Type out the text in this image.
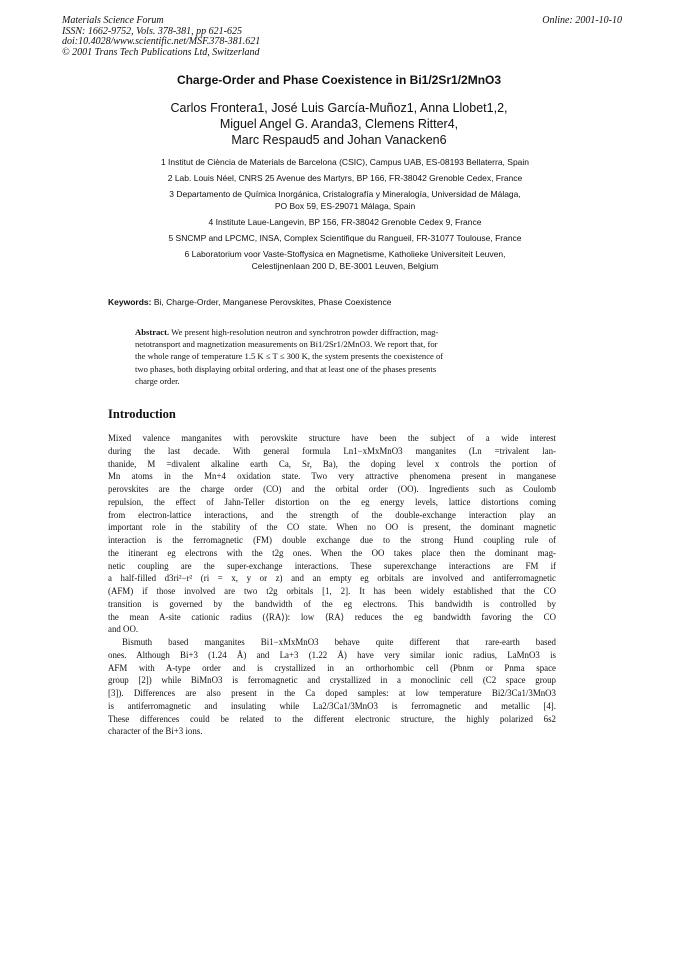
Materials Science Forum
ISSN: 1662-9752, Vols. 378-381, pp 621-625
doi:10.4028/www.scientific.net/MSF.378-381.621
© 2001 Trans Tech Publications Ltd, Switzerland
Online: 2001-10-10
Charge-Order and Phase Coexistence in Bi1/2Sr1/2MnO3
Carlos Frontera1, José Luis García-Muñoz1, Anna Llobet1,2,
Miguel Angel G. Aranda3, Clemens Ritter4,
Marc Respaud5 and Johan Vanacken6
1 Institut de Ciència de Materials de Barcelona (CSIC), Campus UAB, ES-08193 Bellaterra, Spain
2 Lab. Louis Néel, CNRS 25 Avenue des Martyrs, BP 166, FR-38042 Grenoble Cedex, France
3 Departamento de Química Inorgánica, Cristalografía y Mineralogía, Universidad de Málaga,
PO Box 59, ES-29071 Málaga, Spain
4 Institute Laue-Langevin, BP 156, FR-38042 Grenoble Cedex 9, France
5 SNCMP and LPCMC, INSA, Complex Scientifique du Rangueil, FR-31077 Toulouse, France
6 Laboratorium voor Vaste-Stoffysica en Magnetisme, Katholieke Universiteit Leuven,
Celestijnenlaan 200 D, BE-3001 Leuven, Belgium
Keywords: Bi, Charge-Order, Manganese Perovskites, Phase Coexistence
Abstract. We present high-resolution neutron and synchrotron powder diffraction, mag-
netotransport and magnetization measurements on Bi1/2Sr1/2MnO3. We report that, for
the whole range of temperature 1.5 K ≤ T ≤ 300 K, the system presents the coexistence of
two phases, both displaying orbital ordering, and that at least one of the phases presents
charge order.
Introduction
Mixed valence manganites with perovskite structure have been the subject of a wide interest
during the last decade. With general formula Ln1−xMxMnO3 manganites (Ln =trivalent lan-
thanide, M =divalent alkaline earth Ca, Sr, Ba), the doping level x controls the portion of
Mn atoms in the Mn+4 oxidation state. Two very attractive phenomena present in manganese
perovskites are the charge order (CO) and the orbital order (OO). Ingredients such as Coulomb
repulsion, the effect of Jahn-Teller distortion on the eg energy levels, lattice distortions coming
from electron-lattice interactions, and the strength of the double-exchange interaction play an
important role in the stability of the CO state. When no OO is present, the dominant magnetic
interaction is the ferromagnetic (FM) double exchange due to the strong Hund coupling rule of
the itinerant eg electrons with the t2g ones. When the OO takes place then the dominant mag-
netic coupling are the super-exchange interactions. These superexchange interactions are FM if
a half-filled d3ri²−r² (ri = x, y or z) and an empty eg orbitals are involved and antiferromagnetic
(AFM) if those involved are two t2g orbitals [1, 2]. It has been widely established that the CO
transition is governed by the bandwidth of the eg electrons. This bandwidth is controlled by
the mean A-site cationic radius (⟨RA⟩): low ⟨RA⟩ reduces the eg bandwidth favoring the CO
and OO.
Bismuth based manganites Bi1−xMxMnO3 behave quite different that rare-earth based
ones. Although Bi+3 (1.24 Å) and La+3 (1.22 Å) have very similar ionic radius, LaMnO3 is
AFM with A-type order and is crystallized in an orthorhombic cell (Pbnm or Pnma space
group [2]) while BiMnO3 is ferromagnetic and crystallized in a monoclinic cell (C2 space group
[3]). Differences are also present in the Ca doped samples: at low temperature Bi2/3Ca1/3MnO3
is antiferromagnetic and insulating while La2/3Ca1/3MnO3 is ferromagnetic and metallic [4].
These differences could be related to the different electronic structure, the highly polarized 6s2
character of the Bi+3 ions.
